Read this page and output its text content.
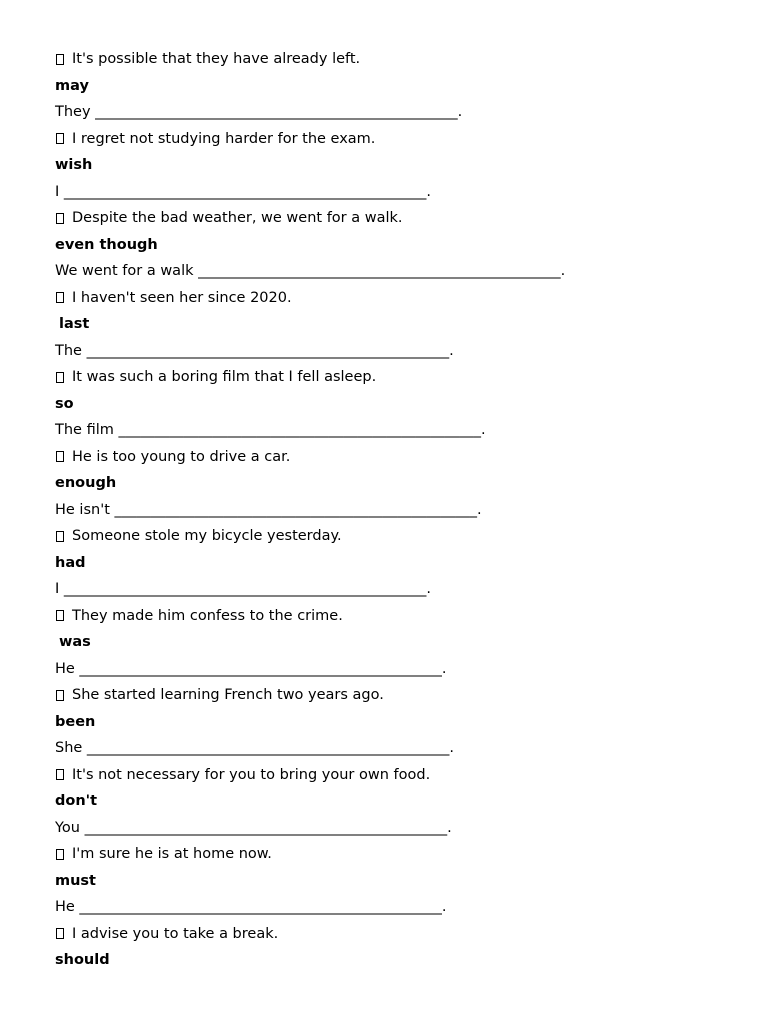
It's possible that they have already left.
may
They __________________________________________________.
I regret not studying harder for the exam.
wish
I __________________________________________________.
Despite the bad weather, we went for a walk.
even though
We went for a walk __________________________________________________.
I haven't seen her since 2020.
last
The __________________________________________________.
It was such a boring film that I fell asleep.
so
The film __________________________________________________.
He is too young to drive a car.
enough
He isn't __________________________________________________.
Someone stole my bicycle yesterday.
had
I __________________________________________________.
They made him confess to the crime.
was
He __________________________________________________.
She started learning French two years ago.
been
She __________________________________________________.
It's not necessary for you to bring your own food.
don't
You __________________________________________________.
I'm sure he is at home now.
must
He __________________________________________________.
I advise you to take a break.
should
